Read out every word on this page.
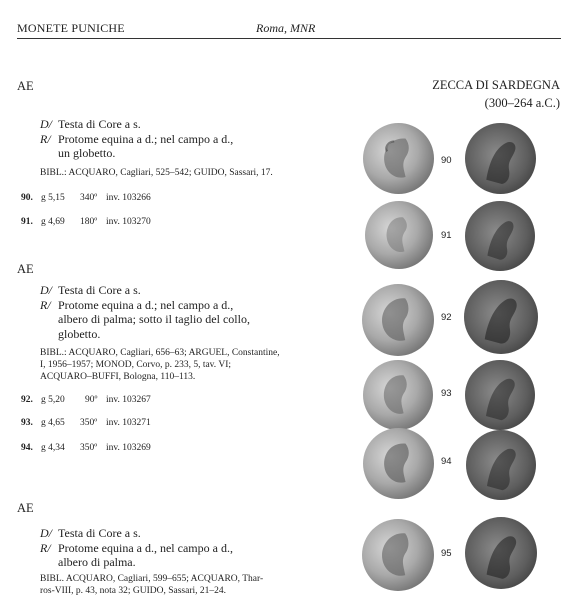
MONETE PUNICHE	Roma, MNR
ZECCA DI SARDEGNA
(300–264 a.C.)
AE
D/ Testa di Core a s.
R/ Protome equina a d.; nel campo a d.,
un globetto.
BIBL.: ACQUARO, Cagliari, 525–542; GUIDO, Sassari, 17.
90. g 5,15 340º inv. 103266
91. g 4,69 180º inv. 103270
AE
D/ Testa di Core a s.
R/ Protome equina a d.; nel campo a d.,
albero di palma; sotto il taglio del collo,
globetto.
BIBL.: ACQUARO, Cagliari, 656–63; ARGUEL, Constantine,
I, 1956–1957; MONOD, Corvo, p. 233, 5, tav. VI;
ACQUARO–BUFFI, Bologna, 110–113.
92. g 5,20 90º inv. 103267
93. g 4,65 350º inv. 103271
94. g 4,34 350º inv. 103269
AE
D/ Testa di Core a s.
R/ Protome equina a d., nel campo a d.,
albero di palma.
BIBL. ACQUARO, Cagliari, 599–655; ACQUARO, Thar-
ros-VIII, p. 43, nota 32; GUIDO, Sassari, 21–24.
90
91
92
93
94
95
